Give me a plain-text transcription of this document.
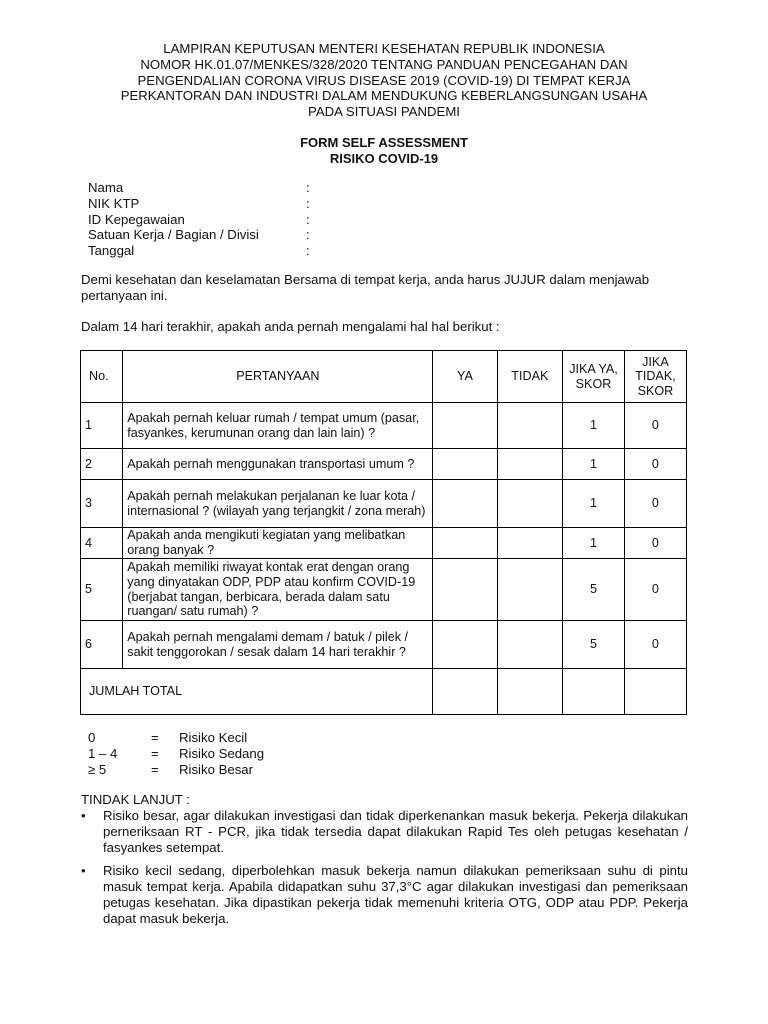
LAMPIRAN KEPUTUSAN MENTERI KESEHATAN REPUBLIK INDONESIA
NOMOR HK.01.07/MENKES/328/2020 TENTANG PANDUAN PENCEGAHAN DAN
PENGENDALIAN CORONA VIRUS DISEASE 2019 (COVID-19) DI TEMPAT KERJA
PERKANTORAN DAN INDUSTRI DALAM MENDUKUNG KEBERLANGSUNGAN USAHA
PADA SITUASI PANDEMI
FORM SELF ASSESSMENT
RISIKO COVID-19
Nama	:
NIK KTP	:
ID Kepegawaian	:
Satuan Kerja / Bagian / Divisi	:
Tanggal	:
Demi kesehatan dan keselamatan Bersama di tempat kerja, anda harus JUJUR dalam menjawab pertanyaan ini.
Dalam 14 hari terakhir, apakah anda pernah mengalami hal hal berikut :
No.	PERTANYAAN	YA	TIDAK	JIKA YA, SKOR	JIKA TIDAK, SKOR
1	Apakah pernah keluar rumah / tempat umum (pasar, fasyankes, kerumunan orang dan lain lain) ?			1	0
2	Apakah pernah menggunakan transportasi umum ?			1	0
3	Apakah pernah melakukan perjalanan ke luar kota / internasional ? (wilayah yang terjangkit / zona merah)			1	0
4	Apakah anda mengikuti kegiatan yang melibatkan orang banyak ?			1	0
5	Apakah memiliki riwayat kontak erat dengan orang yang dinyatakan ODP, PDP atau konfirm COVID-19 (berjabat tangan, berbicara, berada dalam satu ruangan/ satu rumah) ?			5	0
6	Apakah pernah mengalami demam / batuk / pilek / sakit tenggorokan / sesak dalam 14 hari terakhir ?			5	0
JUMLAH TOTAL					
0	= Risiko Kecil
1 – 4	= Risiko Sedang
≥ 5	= Risiko Besar
TINDAK LANJUT :
• Risiko besar, agar dilakukan investigasi dan tidak diperkenankan masuk bekerja. Pekerja dilakukan perneriksaan RT - PCR, jika tidak tersedia dapat dilakukan Rapid Tes oleh petugas kesehatan / fasyankes setempat.
• Risiko kecil sedang, diperbolehkan masuk bekerja namun dilakukan pemeriksaan suhu di pintu masuk tempat kerja. Apabila didapatkan suhu 37,3°C agar dilakukan investigasi dan pemeriksaan petugas kesehatan. Jika dipastikan pekerja tidak memenuhi kriteria OTG, ODP atau PDP. Pekerja dapat masuk bekerja.
